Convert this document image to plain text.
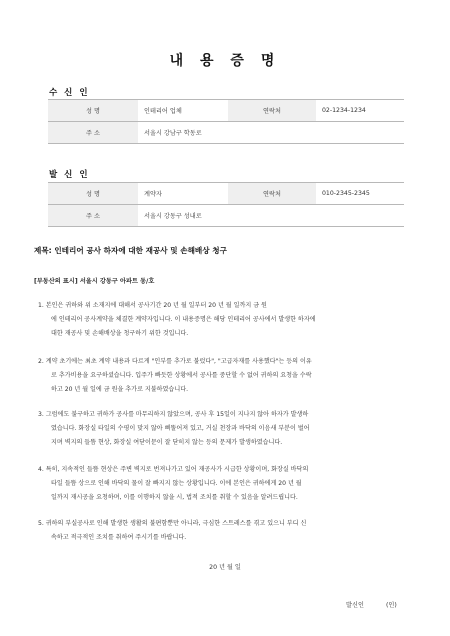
내 용 증 명
수 신 인
성 명	인테리어 업체	연락처	02-1234-1234
주 소	서울시 강남구 학동로		
발 신 인
성 명	계약자	연락처	010-2345-2345
주 소	서울시 강동구 성내로		
제목: 인테리어 공사 하자에 대한 재공사 및 손해배상 청구
[부동산의 표시] 서울시 강동구 아파트 동/호
1. 본인은 귀하와 위 소재지에 대해서 공사기간 20 년 월 일부터 20 년 월 일까지 금 원
에 인테리어 공사계약을 체결한 계약자입니다. 이 내용증명은 해당 인테리어 공사에서 발생한 하자에
대한 재공사 및 손해배상을 청구하기 위한 것입니다.
2. 계약 초기에는 최초 계약 내용과 다르게 "인부를 추가로 불렀다", "고급자재를 사용했다"는 등의 이유
로 추가비용을 요구하셨습니다. 입주가 빠듯한 상황에서 공사를 중단할 수 없어 귀하의 요청을 수락
하고 20 년 월 일에 금 원을 추가로 지불하였습니다.
3. 그럼에도 불구하고 귀하가 공사를 마무리하지 않았으며, 공사 후 15일이 지나지 않아 하자가 발생하
였습니다. 화장실 타일의 수평이 맞지 않아 삐뚤어져 있고, 거실 천장과 바닥의 이음새 부분이 벌어
지며 벽지의 들뜸 현상, 화장실 여닫이문이 잘 닫히지 않는 등의 문제가 발생하였습니다.
4. 특히, 지속적인 들뜸 현상은 주변 벽지로 번져나가고 있어 재공사가 시급한 상황이며, 화장실 바닥의
타일 들뜸 상으로 인해 바닥의 물이 잘 빠지지 않는 상황입니다. 이에 본인은 귀하에게 20 년 월
일까지 재시공을 요청하며, 이를 이행하지 않을 시, 법적 조치를 취할 수 있음을 알려드립니다.
5. 귀하의 부실공사로 인해 발생한 생활의 불편함뿐만 아니라, 극심한 스트레스를 겪고 있으니 부디 신
속하고 적극적인 조치를 취하여 주시기를 바랍니다.
20 년 월 일
발신인	(인)
